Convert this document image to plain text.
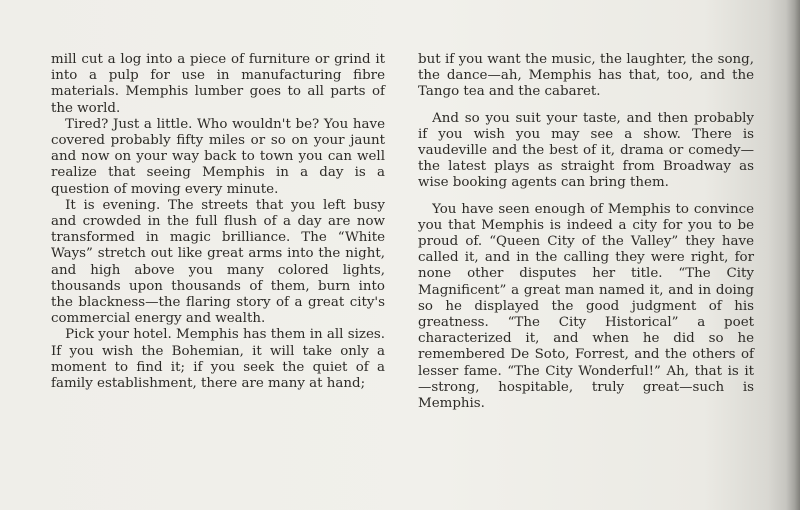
mill cut a log into a piece of furniture or grind it into a pulp for use in manufacturing fibre materials. Memphis lumber goes to all parts of the world.

Tired? Just a little. Who wouldn't be? You have covered probably fifty miles or so on your jaunt and now on your way back to town you can well realize that seeing Memphis in a day is a question of moving every minute.

It is evening. The streets that you left busy and crowded in the full flush of a day are now transformed in magic brilliance. The “White Ways” stretch out like great arms into the night, and high above you many colored lights, thousands upon thousands of them, burn into the blackness—the flaring story of a great city's commercial energy and wealth.

Pick your hotel. Memphis has them in all sizes. If you wish the Bohemian, it will take only a moment to find it; if you seek the quiet of a family establishment, there are many at hand;

but if you want the music, the laughter, the song, the dance—ah, Memphis has that, too, and the Tango tea and the cabaret.

And so you suit your taste, and then probably if you wish you may see a show. There is vaudeville and the best of it, drama or comedy—the latest plays as straight from Broadway as wise booking agents can bring them.

You have seen enough of Memphis to convince you that Memphis is indeed a city for you to be proud of. “Queen City of the Valley” they have called it, and in the calling they were right, for none other disputes her title. “The City Magnificent” a great man named it, and in doing so he displayed the good judgment of his greatness. “The City Historical” a poet characterized it, and when he did so he remembered De Soto, Forrest, and the others of lesser fame. “The City Wonderful!” Ah, that is it—strong, hospitable, truly great—such is Memphis.
